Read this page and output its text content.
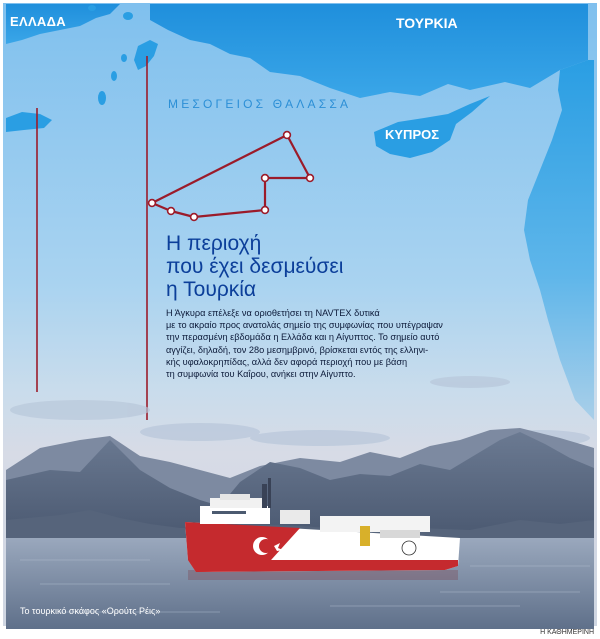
ΕΛΛΑΔΑ	ΤΟΥΡΚΙΑ
ΚΥΠΡΟΣ
ΜΕΣΟΓΕΙΟΣ ΘΑΛΑΣΣΑ
Η περιοχή
που έχει δεσμεύσει
η Τουρκία
Η Άγκυρα επέλεξε να οριοθετήσει τη NAVTEX δυτικά
με το ακραίο προς ανατολάς σημείο της συμφωνίας που υπέγραψαν
την περασμένη εβδομάδα η Ελλάδα και η Αίγυπτος. Το σημείο αυτό
αγγίζει, δηλαδή, τον 28ο μεσημβρινό, βρίσκεται εντός της ελληνι-
κής υφαλοκρηπίδας, αλλά δεν αφορά περιοχή που με βάση
τη συμφωνία του Καΐρου, ανήκει στην Αίγυπτο.
Το τουρκικό σκάφος «Ορούτς Ρέις»
Η ΚΑΘΗΜΕΡΙΝΗ
